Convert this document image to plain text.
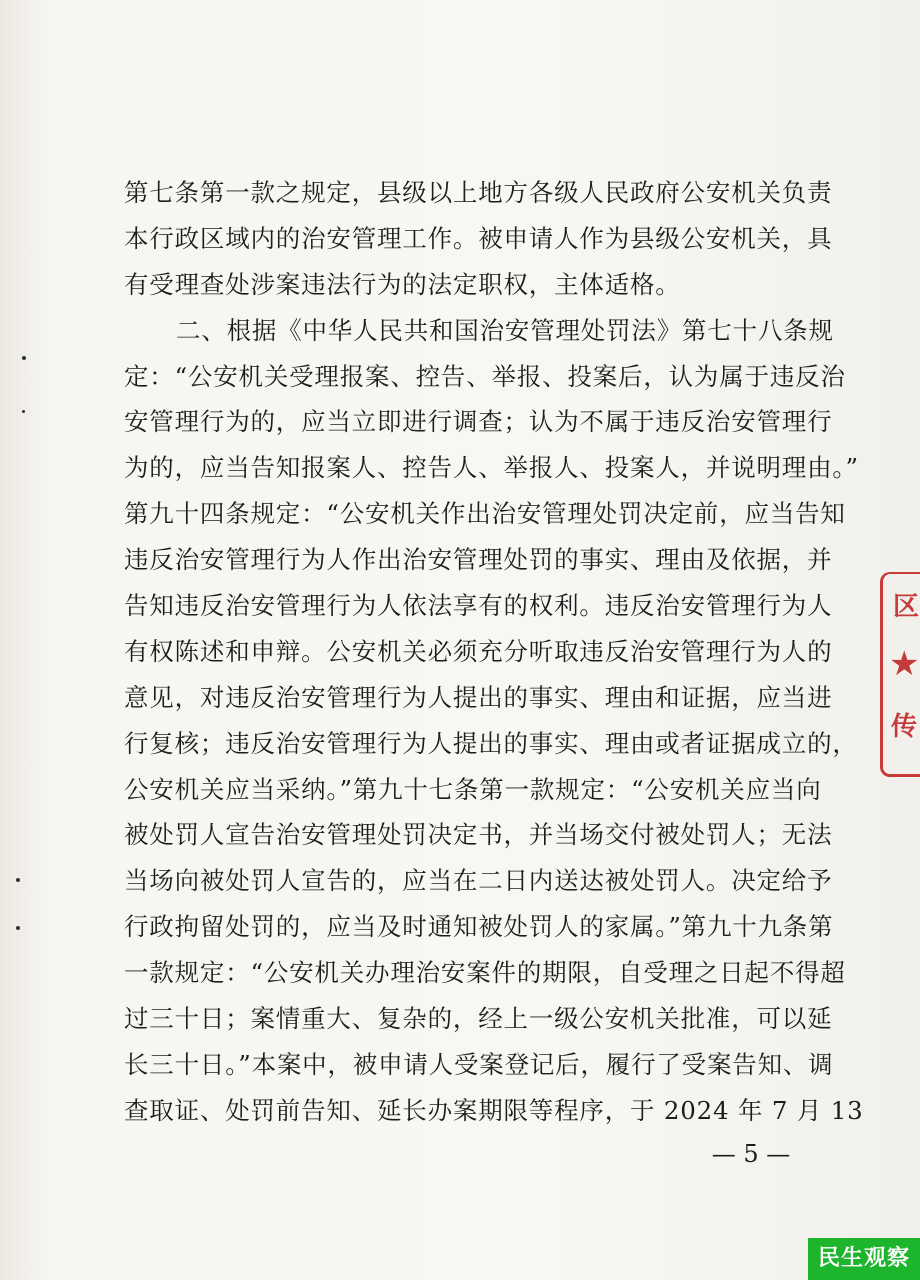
第七条第一款之规定，县级以上地方各级人民政府公安机关负责
本行政区域内的治安管理工作。被申请人作为县级公安机关，具
有受理查处涉案违法行为的法定职权，主体适格。
二、根据《中华人民共和国治安管理处罚法》第七十八条规
定：“公安机关受理报案、控告、举报、投案后，认为属于违反治
安管理行为的，应当立即进行调查；认为不属于违反治安管理行
为的，应当告知报案人、控告人、举报人、投案人，并说明理由。”
第九十四条规定：“公安机关作出治安管理处罚决定前，应当告知
违反治安管理行为人作出治安管理处罚的事实、理由及依据，并
告知违反治安管理行为人依法享有的权利。违反治安管理行为人
有权陈述和申辩。公安机关必须充分听取违反治安管理行为人的
意见，对违反治安管理行为人提出的事实、理由和证据，应当进
行复核；违反治安管理行为人提出的事实、理由或者证据成立的，
公安机关应当采纳。”第九十七条第一款规定：“公安机关应当向
被处罚人宣告治安管理处罚决定书，并当场交付被处罚人；无法
当场向被处罚人宣告的，应当在二日内送达被处罚人。决定给予
行政拘留处罚的，应当及时通知被处罚人的家属。”第九十九条第
一款规定：“公安机关办理治安案件的期限，自受理之日起不得超
过三十日；案情重大、复杂的，经上一级公安机关批准，可以延
长三十日。”本案中，被申请人受案登记后，履行了受案告知、调
查取证、处罚前告知、延长办案期限等程序，于 2024 年 7 月 13
— 5 —
区
★
传
民生观察
